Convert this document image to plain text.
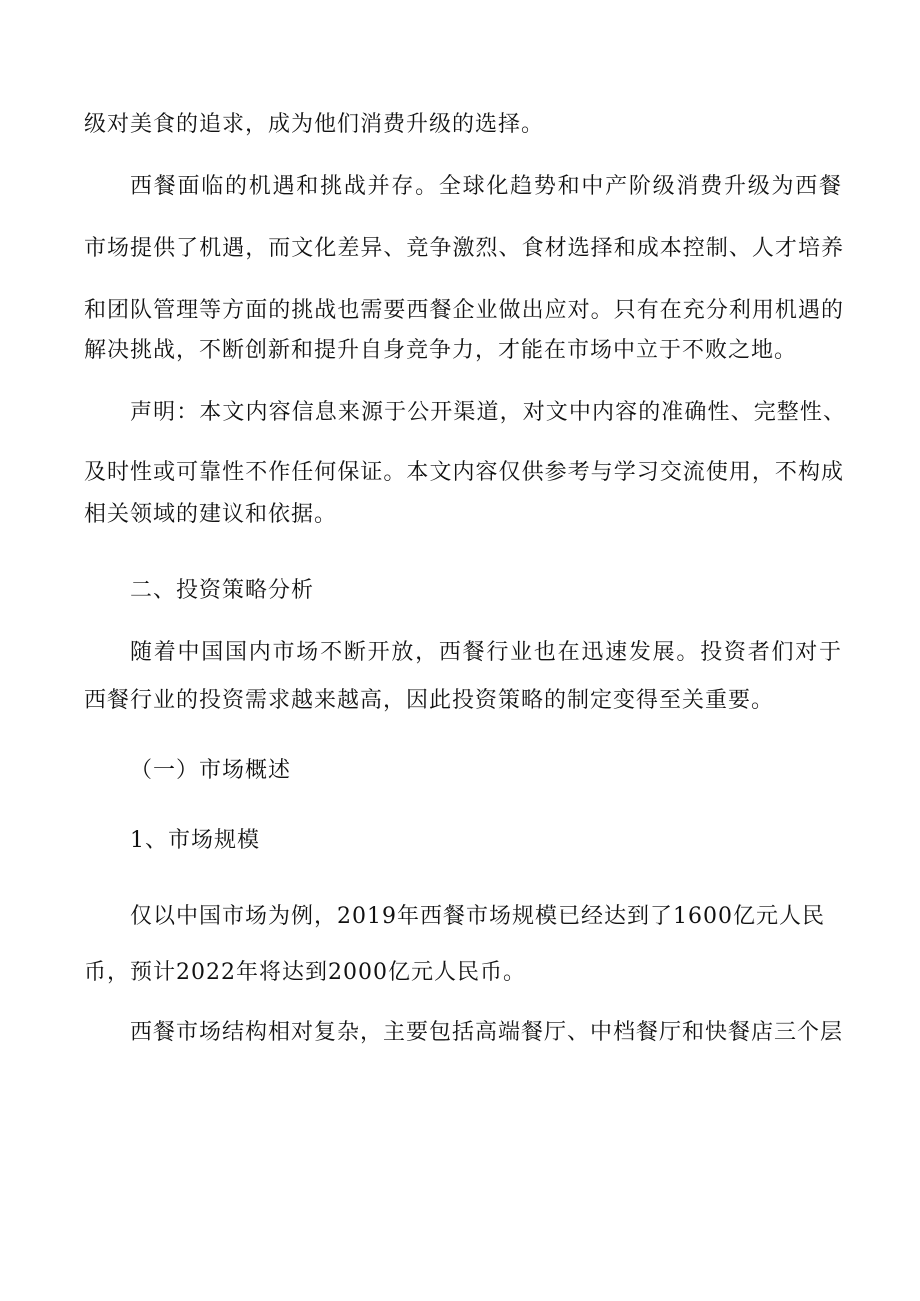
级对美食的追求，成为他们消费升级的选择。
西餐面临的机遇和挑战并存。全球化趋势和中产阶级消费升级为西餐
市场提供了机遇，而文化差异、竞争激烈、食材选择和成本控制、人才培养
和团队管理等方面的挑战也需要西餐企业做出应对。只有在充分利用机遇的
解决挑战，不断创新和提升自身竞争力，才能在市场中立于不败之地。
声明：本文内容信息来源于公开渠道，对文中内容的准确性、完整性、
及时性或可靠性不作任何保证。本文内容仅供参考与学习交流使用，不构成
相关领域的建议和依据。
二、投资策略分析
随着中国国内市场不断开放，西餐行业也在迅速发展。投资者们对于
西餐行业的投资需求越来越高，因此投资策略的制定变得至关重要。
（一）市场概述
1、市场规模
仅以中国市场为例，2019年西餐市场规模已经达到了1600亿元人民
币，预计2022年将达到2000亿元人民币。
西餐市场结构相对复杂，主要包括高端餐厅、中档餐厅和快餐店三个层
